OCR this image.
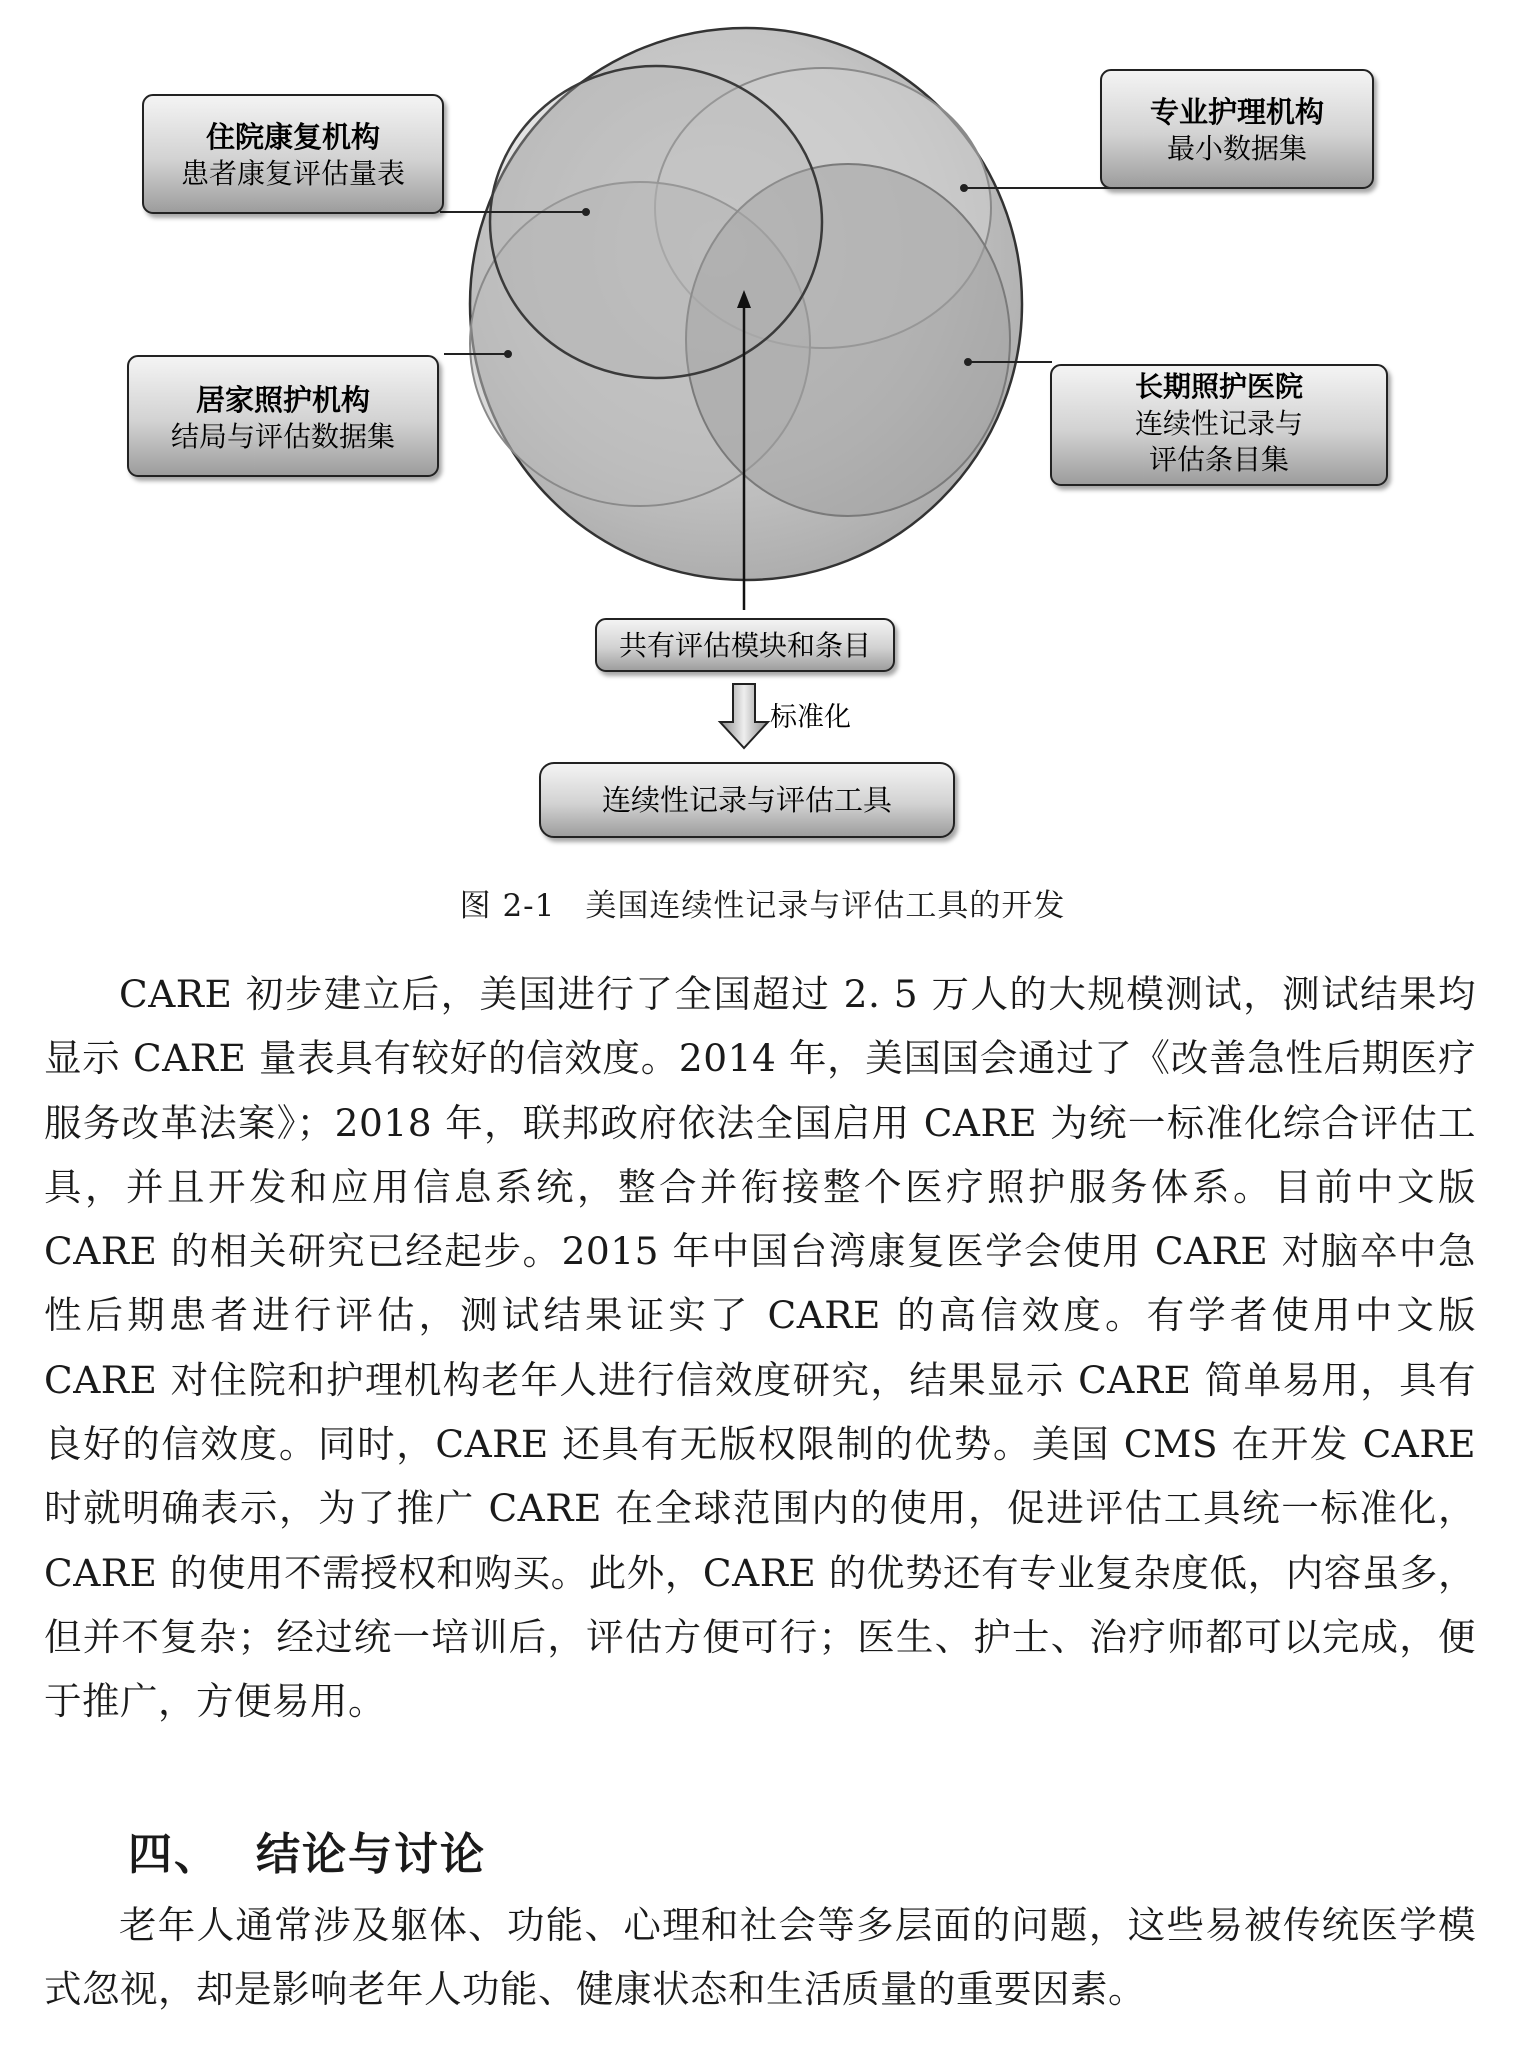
住院康复机构
患者康复评估量表
专业护理机构
最小数据集
居家照护机构
结局与评估数据集
长期照护医院
连续性记录与
评估条目集
共有评估模块和条目
标准化
连续性记录与评估工具
图 2-1 美国连续性记录与评估工具的开发

CARE 初步建立后，美国进行了全国超过 2. 5 万人的大规模测试，测试结果均显示 CARE 量表具有较好的信效度。2014 年，美国国会通过了《改善急性后期医疗服务改革法案》；2018 年，联邦政府依法全国启用 CARE 为统一标准化综合评估工具，并且开发和应用信息系统，整合并衔接整个医疗照护服务体系。目前中文版 CARE 的相关研究已经起步。2015 年中国台湾康复医学会使用 CARE 对脑卒中急性后期患者进行评估，测试结果证实了 CARE 的高信效度。有学者使用中文版 CARE 对住院和护理机构老年人进行信效度研究，结果显示 CARE 简单易用，具有良好的信效度。同时，CARE 还具有无版权限制的优势。美国 CMS 在开发 CARE 时就明确表示，为了推广 CARE 在全球范围内的使用，促进评估工具统一标准化，CARE 的使用不需授权和购买。此外，CARE 的优势还有专业复杂度低，内容虽多，但并不复杂；经过统一培训后，评估方便可行；医生、护士、治疗师都可以完成，便于推广，方便易用。

四、 结论与讨论

老年人通常涉及躯体、功能、心理和社会等多层面的问题，这些易被传统医学模式忽视，却是影响老年人功能、健康状态和生活质量的重要因素。
